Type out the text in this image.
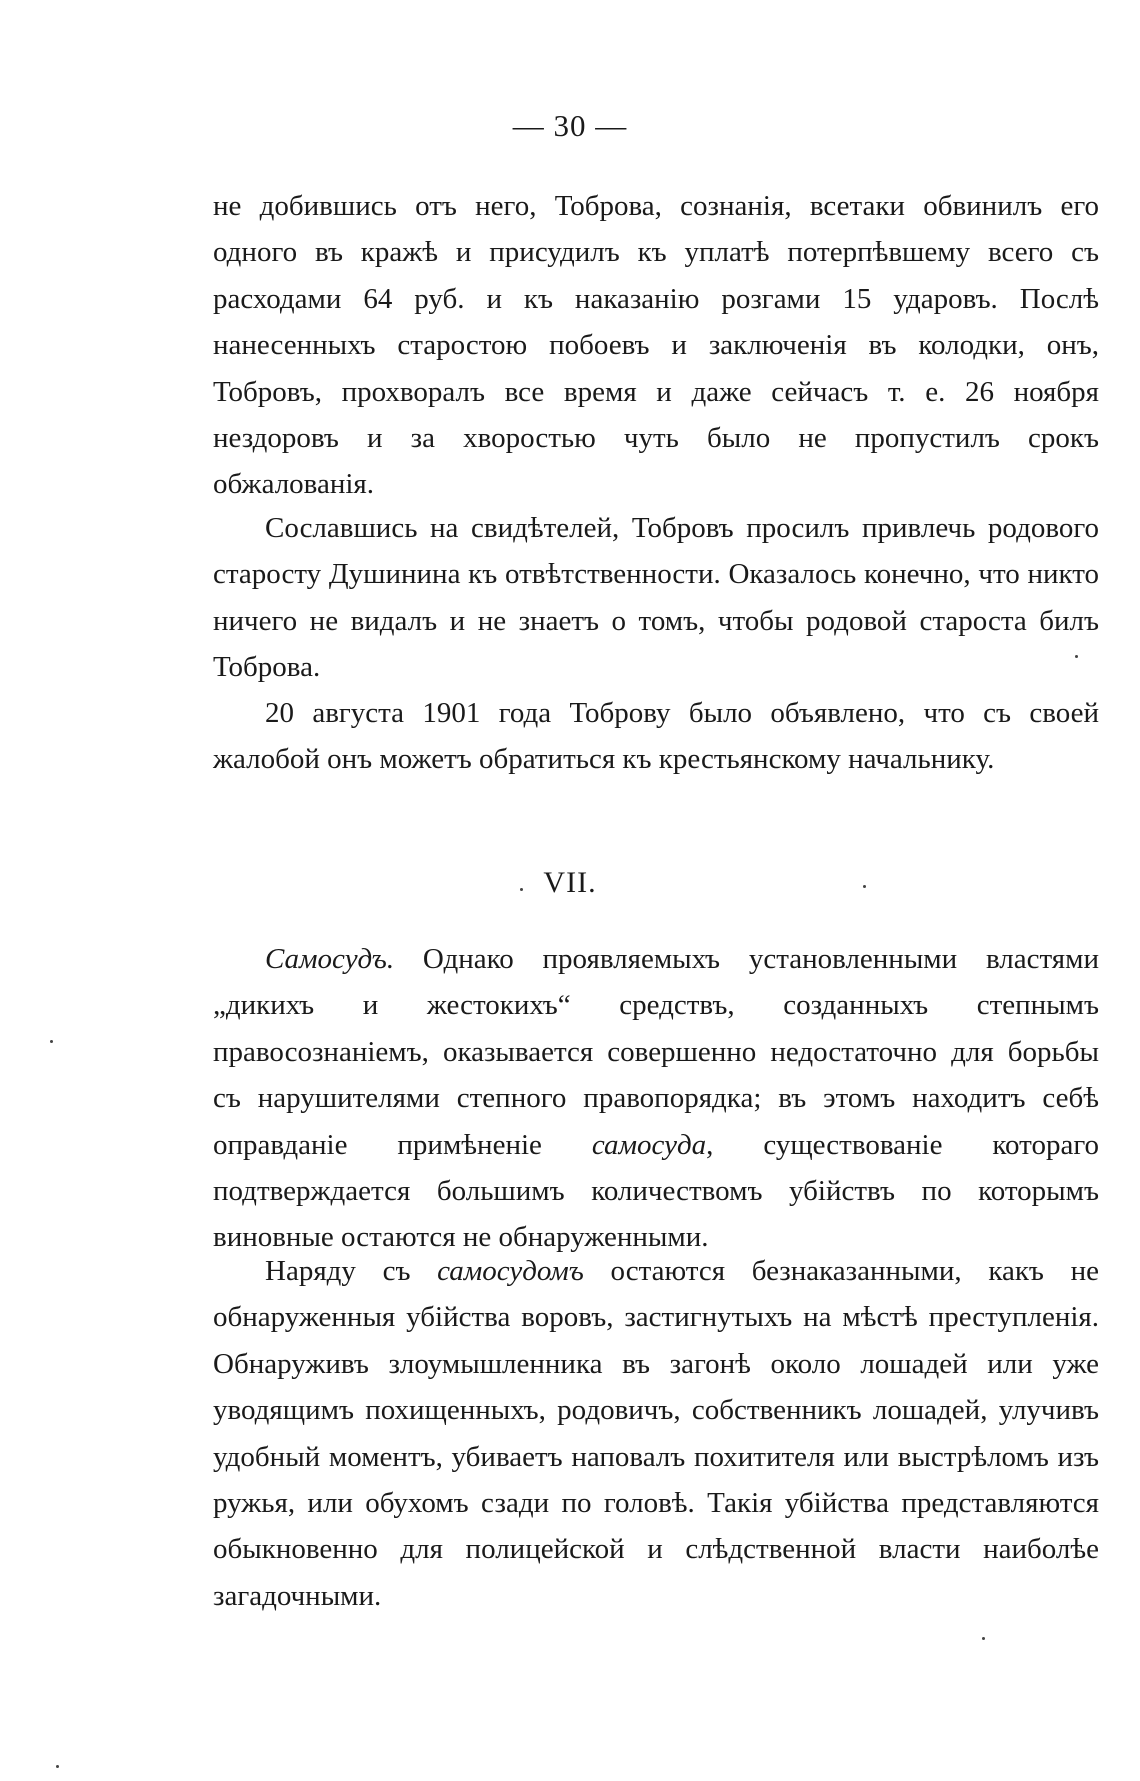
— 30 —

не добившись отъ него, Тоброва, сознанія, всетаки обвинилъ его одного въ кражѣ и присудилъ къ уплатѣ потерпѣвшему всего съ расходами 64 руб. и къ наказанію розгами 15 ударовъ. Послѣ нанесенныхъ старостою побоевъ и заключенія въ колодки, онъ, Тобровъ, прохворалъ все время и даже сейчасъ т. е. 26 ноября нездоровъ и за хворостью чуть было не пропустилъ срокъ обжалованія.

Сославшись на свидѣтелей, Тобровъ просилъ привлечь родового старосту Душинина къ отвѣтственности. Оказалось конечно, что никто ничего не видалъ и не знаетъ о томъ, чтобы родовой староста билъ Тоброва.

20 августа 1901 года Тоброву было объявлено, что съ своей жалобой онъ можетъ обратиться къ крестьянскому начальнику.

VII.

Самосудъ. Однако проявляемыхъ установленными властями „дикихъ и жестокихъ“ средствъ, созданныхъ степнымъ правосознаніемъ, оказывается совершенно недостаточно для борьбы съ нарушителями степного правопорядка; въ этомъ находитъ себѣ оправданіе примѣненіе самосуда, существованіе котораго подтверждается большимъ количествомъ убійствъ по которымъ виновные остаются не обнаруженными.

Наряду съ самосудомъ остаются безнаказанными, какъ не обнаруженныя убійства воровъ, застигнутыхъ на мѣстѣ преступленія. Обнаруживъ злоумышленника въ загонѣ около лошадей или уже уводящимъ похищенныхъ, родовичъ, собственникъ лошадей, улучивъ удобный моментъ, убиваетъ наповалъ похитителя или выстрѣломъ изъ ружья, или обухомъ сзади по головѣ. Такія убійства представляются обыкновенно для полицейской и слѣдственной власти наиболѣе загадочными.
